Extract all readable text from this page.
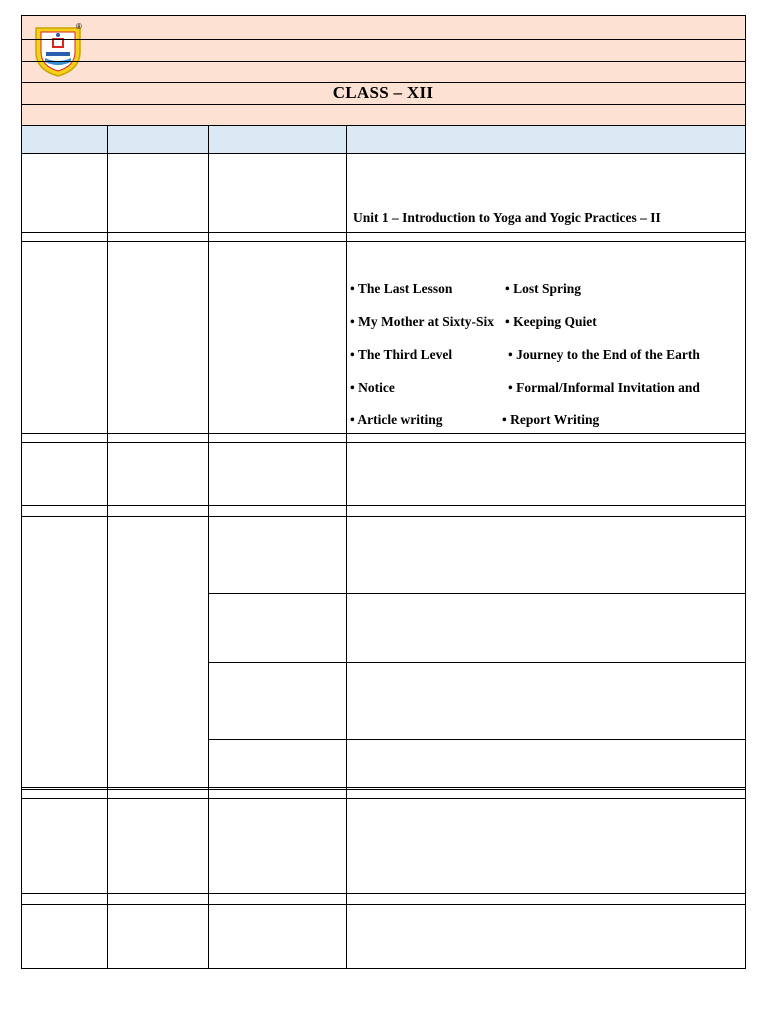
®
CLASS – XII
Unit 1 – Introduction to Yoga and Yogic Practices – II
• The Last Lesson	• Lost Spring
• My Mother at Sixty-Six • Keeping Quiet
• The Third Level	• Journey to the End of the Earth
• Notice	• Formal/Informal Invitation and
• Article writing	• Report Writing
